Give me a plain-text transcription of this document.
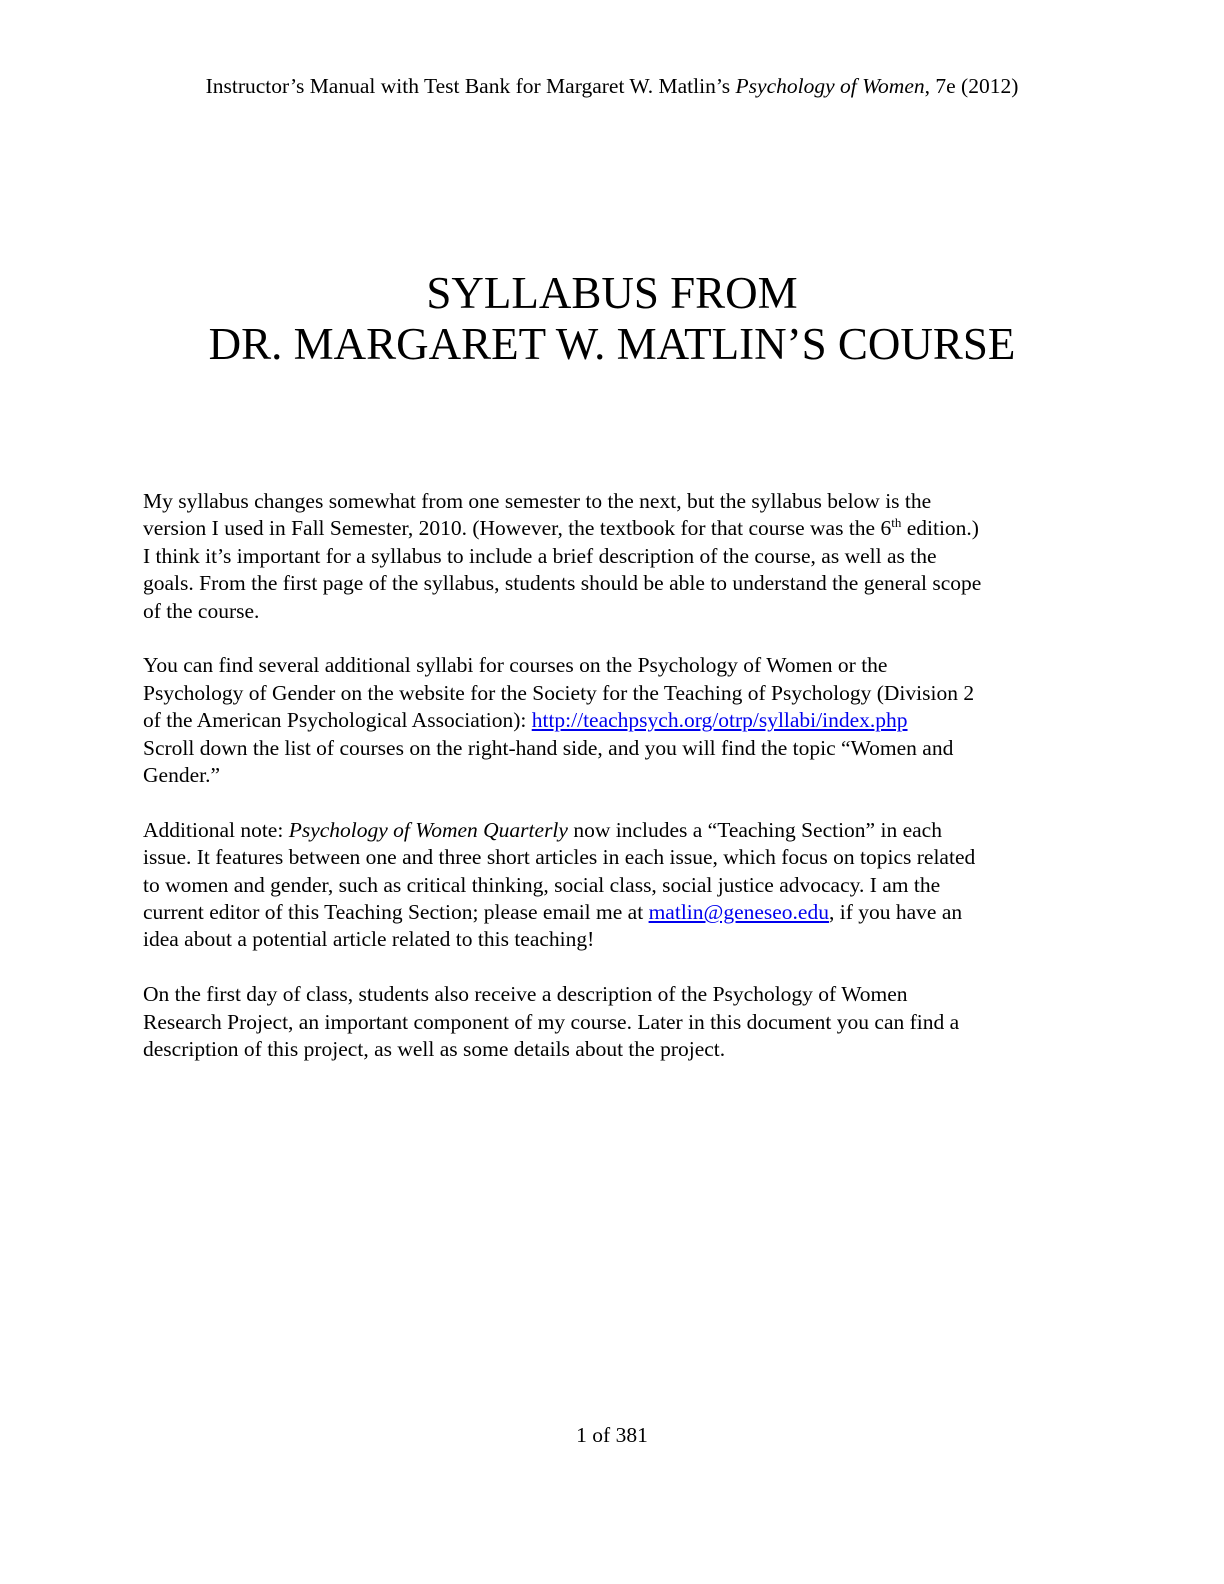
Instructor’s Manual with Test Bank for Margaret W. Matlin’s Psychology of Women, 7e (2012)
SYLLABUS FROM
DR. MARGARET W. MATLIN’S COURSE

My syllabus changes somewhat from one semester to the next, but the syllabus below is the
version I used in Fall Semester, 2010. (However, the textbook for that course was the 6th edition.)
I think it’s important for a syllabus to include a brief description of the course, as well as the
goals. From the first page of the syllabus, students should be able to understand the general scope
of the course.

You can find several additional syllabi for courses on the Psychology of Women or the
Psychology of Gender on the website for the Society for the Teaching of Psychology (Division 2
of the American Psychological Association): http://teachpsych.org/otrp/syllabi/index.php
Scroll down the list of courses on the right-hand side, and you will find the topic “Women and
Gender.”

Additional note: Psychology of Women Quarterly now includes a “Teaching Section” in each
issue. It features between one and three short articles in each issue, which focus on topics related
to women and gender, such as critical thinking, social class, social justice advocacy. I am the
current editor of this Teaching Section; please email me at matlin@geneseo.edu, if you have an
idea about a potential article related to this teaching!

On the first day of class, students also receive a description of the Psychology of Women
Research Project, an important component of my course. Later in this document you can find a
description of this project, as well as some details about the project.

1 of 381
